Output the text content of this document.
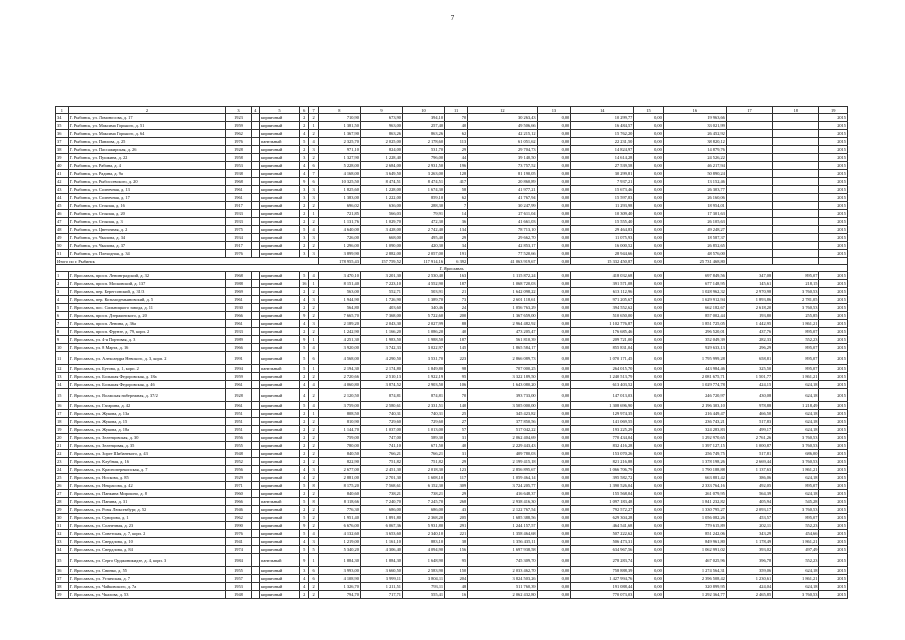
7
1	2	3	4	5	6	7	8	9	10	11	12	13	14	15	16	17	18	19
34	Г. Рыбинск, ул. Ломоносова, д. 17	1923		кирпичный	2	2	710,90	673,90	394,10	70	30 263,43	0,00	10 299,77	0,00	19 963,66			2015
35	Г. Рыбинск, ул. Максима Горького, д. 51	1959		кирпичный	2	1	1 381,50	963,00	257,40	40	49 506,66	0,00	16 484,57	0,00	33 021,99			2015
36	Г. Рыбинск, ул. Максима Горького, д. 64	1962		кирпичный	4	2	1 367,90	863,26	863,26	62	42 215,12	0,00	15 762,20	0,00	26 452,92			2015
37	Г. Рыбинск, ул. Павлова, д. 25	1976		панельный	5	4	2 325,70	2 025,00	2 178,60	113	61 051,62	0,00	22 231,50	0,00	38 820,12			2015
38	Г. Рыбинск, ул. Пассажирская, д. 26	1928		кирпичный	2	3	971,10	824,00	531,70	29	29 704,73	0,00	14 824,97	0,00	14 879,76			2015
39	Г. Рыбинск, ул. Пушкина, д. 22	1958		кирпичный	3	2	1 327,90	1 228,40	796,00	44	39 140,50	0,00	14 614,28	0,00	24 526,22			2015
40	Г. Рыбинск, ул. Рабина, д. 4	1953		кирпичный	4	6	5 228,00	2 684,00	2 931,50	196	73 757,52	0,00	27 539,58	0,00	46 217,94			2015
41	Г. Рыбинск, ул. Радина, д. 9а	1938		кирпичный	4	7	4 168,00	3 649,50	3 263,00	128	81 190,05	0,00	30 299,81	0,00	50 890,24			2015
42	Г. Рыбинск, ул. Рыбоcсевского, д. 20	1968		кирпичный	9	6	10 325,50	8 474,51	8 474,51	417	20 860,89	0,00	7 937,21	0,00	13 152,46			2015
43	Г. Рыбинск, ул. Солнечная, д. 13	1961		кирпичный	3	3	1 825,60	1 228,00	1 674,30	58	41 977,21	0,00	15 673,46	0,00	26 303,77			2015
44	Г. Рыбинск, ул. Солнечная, д. 17	1961		кирпичный	3	3	1 383,00	1 222,00	859,10	62	41 767,94	0,00	15 597,83	0,00	26 160,06			2015
45	Г. Рыбинск, ул. Стоялая, д. 16	1917		кирпичный	2	2	696,02	636,00	288,30	7	30 247,99	0,00	11 293,98	0,00	18 954,01			2015
46	Г. Рыбинск, ул. Стоялая, д. 20	1933		кирпичный	2	1	721,85	566,03	79,91	14	27 611,04	0,00	10 309,40	0,00	17 301,63			2015
47	Г. Рыбинск, ул. Стоялая, д. 3	1933		кирпичный	2	2	1 131,76	1 029,70	472,30	36	41 661,03	0,00	15 555,40	0,00	26 105,63			2015
48	Г. Рыбинск, ул. Цветочная, д. 2	1975		кирпичный	5	4	4 640,00	3 428,00	2 742,40	134	78 713,10	0,00	29 464,83	0,00	49 248,27			2015
49	Г. Рыбинск, ул. Чкалова, д. 34	1934		кирпичный	3	3	726,00	668,00	495,40	29	29 662,70	0,00	11 075,93	0,00	18 587,37			2015
50	Г. Рыбинск, ул. Чкалова, д. 37	1917		кирпичный	2	2	1 296,00	1 090,00	420,30	34	42 853,17	0,00	16 000,52	0,00	26 852,65			2015
51	Г. Рыбинск, ул. Плеходная, д. 34	1976		кирпичный	3	3	3 899,90	2 882,00	2 057,00	191	77 520,66	0,00	28 944,66	0,00	48 576,00			2015
Итого по г. Рыбинск							178 955,43	157 759,52	117 914,16	6 392	41 063 919,67	0,00	15 332 450,87	0,00	25 731 468,80			
Г. Ярославль																		
1	Г. Ярославль, просп. Ленинградский, д. 32	1968		кирпичный	5	4	3 470,10	3 201,30	2 530,40	163	1 115 872,24	0,00	418 032,68	0,00	697 849,56	347,08	895,07	2015
2	Г. Ярославль, просп. Московский, д. 137	1988		кирпичный	16	1	8 151,40	7 223,10	4 552,90	187	1 068 720,03	0,00	391 571,08	0,00	677 148,95	145,61	218,15	2015
3	Г. Ярославль, пер. Берегсовский, д. 31/3	1969		кирпичный	2	2	563,00	552,71	503,91	21	1 642 098,22	0,00	613 112,96	0,00	1 028 962,32	2 970,98	3 760,53	2015
4	Г. Ярославль, пер. Козьмодемьяновский, д. 5	1961		кирпичный	4	3	1 944,90	1 726,90	1 389,70	73	2 601 118,61	0,00	971 205,67	0,00	1 629 912,94	1 893,86	2 781,05	2015
5	Г. Ярославль, пос. Сильницкого завода, д. 11	1930		кирпичный	2	2	564,80	403,60	340,46	24	1 056 763,29	0,00	394 552,62	0,00	662 182,67	2 618,20	3 760,53	2015
6	Г. Ярославль, просп. Дзержинского, д. 20	1966		кирпичный	9	2	7 665,70	7 368,00	5 722,60	200	1 367 659,00	0,00	510 650,00	0,00	857 002,44	193,80	255,85	2015
7	Г. Ярославль, просп. Ленина, д. 36а	1961		кирпичный	4	3	2 189,20	2 043,30	2 027,99	88	2 964 482,92	0,00	1 102 776,87	0,00	1 851 725,05	1 442,95	1 861,21	2015
8	Г. Ярославль, просп. Фрунзе, д. 79, корп. 2	1933		кирпичный	2	2	1 242,90	1 166,20	1 086,20	40	473 205,47	0,00	176 685,46	0,00	296 520,01	437,76	895,07	2015
9	Г. Ярославль, ул. 4-я Портовая, д. 3	1989		кирпичный	9	1	4 251,30	1 983,50	1 988,50	187	561 810,39	0,00	209 721,00	0,00	352 049,39	282,33	552,23	2015
10	Г. Ярославль, ул. 8 Марта, д. 16	1966		кирпичный	5	4	3 920,00	3 742,33	3 022,97	145	1 865 584,17	0,00	855 831,04	0,00	929 633,13	296,29	895,07	2015
11	Г. Ярославль, ул. Александра Невского, д. 3, корп. 2	1991		кирпичный	5	6	4 568,00	4 290,50	3 531,70	223	2 866 089,73	0,00	1 070 171,45	0,00	1 795 999,28	658,81	895,07	2015
12	Г. Ярославль, ул. Бутова, д. 1, корп. 2	1994		панельный	5	1	2 194,30	2 174,80	1 849,80	98	707 000,25	0,00	264 015,70	0,00	443 984,46	325,50	895,07	2015
13	Г. Ярославль, ул. Большая Федоровская, д. 18а	1959		кирпичный	2	2	2 720,66	2 510,13	1 922,19	95	3 322 189,50	0,00	1 240 513,79	0,00	2 081 675,71	1 501,77	1 861,21	2015
14	Г. Ярославль, ул. Большая Федоровская, д. 46	1961		кирпичный	4	4	4 060,80	3 874,52	2 903,50	106	1 643 080,20	0,00	613 403,52	0,00	1 029 774,78	424,15	624,18	2015
15	Г. Ярославль, ул. Волжская набережная, д. 37/2	1928		кирпичный	4	2	2 120,50	874,81	874,81	70	393 733,00	0,00	147 013,03	0,00	246 720,97	430,08	624,18	2015
16	Г. Ярославль, ул. Гагарина, д. 42	1961		кирпичный	5	4	3 759,00	2 580,61	2 331,51	140	3 505 000,00	0,00	1 308 696,90	0,00	2 196 303,10	978,88	1 218,49	2015
17	Г. Ярославль, ул. Жукова, д. 13а	1951		кирпичный	2	1	808,50	740,31	740,31	25	345 423,82	0,00	129 974,35	0,00	216 449,47	466,50	624,18	2015
18	Г. Ярославль, ул. Жукова, д. 15	1951		кирпичный	2	2	810,90	729,60	729,60	27	377 850,56	0,00	141 069,55	0,00	236 743,21	517,83	624,18	2015
19	Г. Ярославль, ул. Жукова, д. 18а	1951		кирпичный	2	2	1 144,70	1 037,00	1 013,00	57	517 042,22	0,00	193 225,29	0,00	324 283,83	499,17	624,18	2015
20	Г. Ярославль, ул. Зеленцовская, д. 30	1956		кирпичный	2	2	759,00	747,00	589,30	31	2 062 404,69	0,00	770 434,04	0,00	1 292 970,65	2 761,26	3 760,53	2015
21	Г. Ярославль, ул. Зеленцовая, д. 35	1955		кирпичный	2	2	780,00	741,10	671,50	40	2 229 443,43	0,00	832 416,28	0,00	1 397 127,15	1 000,87	3 760,53	2015
22	Г. Ярославль, ул. Зорге Шибанекого, д. 43	1948		кирпичный	2	2	840,50	766,21	766,21	31	409 780,03	0,00	153 070,26	0,00	256 749,75	517,81	686,00	2015
23	Г. Ярославль, ул. Клубная, д. 16	1952		кирпичный	2	2	822,90	751,82	751,82	29	2 199 415,18	0,00	821 216,88	0,00	1 378 198,26	2 669,44	3 760,53	2015
24	Г. Ярославль, ул. Красноперекопская, д. 7	1956		кирпичный	4	3	2 677,00	2 451,30	2 018,30	123	2 856 895,67	0,00	1 066 706,79	0,00	1 790 188,88	1 137,63	1 861,21	2015
25	Г. Ярославль, ул. Носкова, д. 85	1929		кирпичный	4	2	2 881,00	2 701,30	1 608,10	117	1 059 464,14	0,00	395 582,72	0,00	663 881,42	386,06	624,18	2015
26	Г. Ярославль, ул. Некрасова, д. 42	1971		кирпичный	5	8	8 175,20	7 568,61	6 152,30	309	3 724 205,77	0,00	1 390 526,04	0,00	2 333 764,16	492,05	895,07	2015
27	Г. Ярославль, ул. Панкина Мирошно, д. 8	1960		кирпичный	2	2	840,60	738,21	738,21	29	416 648,37	0,00	155 568,04	0,00	261 079,95	564,39	624,18	2015
28	Г. Ярославль, ул. Панина, д. 31	1966		панельный	5	8	8 118,66	7 240,70	7 245,70	268	2 938 416,30	0,00	1 097 183,48	0,00	1 841 232,82	405,94	545,28	2015
29	Г. Ярославль, ул. Розы Люксембург, д. 52	1946		кирпичный	2	2	776,30	686,00	686,00	43	2 122 767,54	0,00	792 572,27	0,00	1 330 795,27	2 093,17	3 760,53	2015
30	Г. Ярославль, ул. Суворова, д. 1	1962		кирпичный	5	2	1 951,40	1 891,80	2 368,20	205	1 685 388,56	0,00	629 304,28	0,00	1 056 082,26	453,57	895,07	2015
31	Г. Ярославль, ул. Солнечная, д. 23	1990		кирпичный	9	2	6 676,00	6 067,36	5 931,80	291	1 244 157,57	0,00	464 541,68	0,00	779 615,89	202,11	552,23	2015
32	Г. Ярославль, ул. Советская, д. 7, корп. 2	1976		кирпичный	5	4	4 132,60	3 653,60	2 340,10	221	1 358 464,68	0,00	507 222,62	0,00	851 242,06	343,29	454,66	2015
33	Г. Ярославль, ул. Свердлова, д. 10	1941		кирпичный	4	3	1 219,00	1 161,10	883,10	38	1 356 435,11	0,00	506 473,31	0,00	849 961,80	1 178,49	1 861,21	2015
34	Г. Ярославль, ул. Свердлова, д. 84	1974		кирпичный	5	5	5 340,20	4 306,40	4 094,90	156	1 697 938,58	0,00	634 967,56	0,00	1 062 991,02	393,02	497,49	2015
35	Г. Ярославль, ул. Серго Орджоникидзе, д. 4, корп. 3	1984		панельный	9	1	1 884,30	1 884,30	1 648,90	95	745 309,70	0,00	278 283,74	0,00	467 025,96	396,78	552,23	2015
36	Г. Ярославль, ул. Свинко, д. 55	1955		кирпичный	3	6	3 993,00	3 660,50	2 583,90	150	2 033 462,70	0,00	758 888,39	0,00	1 274 564,31	359,06	624,18	2015
37	Г. Ярославль, ул. Угличская, д. 7	1957		кирпичный	4	6	4 108,90	3 999,11	3 804,11	204	3 824 503,26	0,00	1 427 994,76	0,00	2 396 508,42	1 230,61	1 861,21	2015
38	Г. Ярославль, ул. Чайковского, д. 7а	1953		кирпичный	4	2	1 326,70	1 211,51	793,11	48	511 760,39	0,00	191 088,44	0,00	320 899,95	424,04	624,18	2015
39	Г. Ярославль, ул. Чкалова, д. 53	1948		кирпичный	2	2	794,70	717,71	555,41	16	2 062 432,80	0,00	770 073,03	0,00	1 292 364,77	2 465,85	3 760,53	2015
